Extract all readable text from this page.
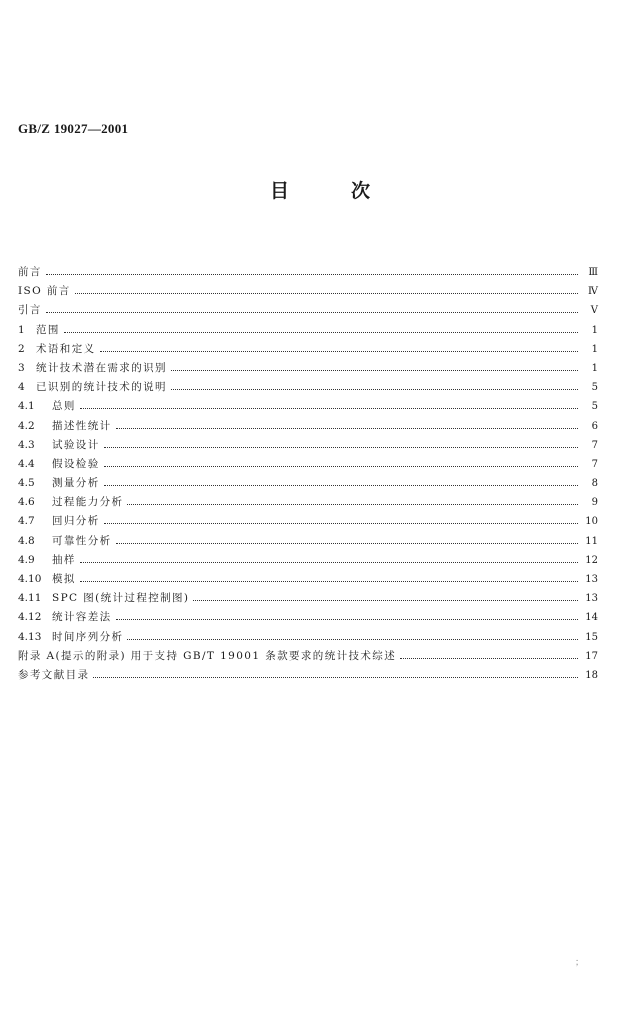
GB/Z 19027—2001
目次
前言	Ⅲ
ISO 前言	Ⅳ
引言	Ⅴ
1	范围	1
2	术语和定义	1
3	统计技术潜在需求的识别	1
4	已识别的统计技术的说明	5
4.1	总则	5
4.2	描述性统计	6
4.3	试验设计	7
4.4	假设检验	7
4.5	测量分析	8
4.6	过程能力分析	9
4.7	回归分析	10
4.8	可靠性分析	11
4.9	抽样	12
4.10	模拟	13
4.11	SPC 图(统计过程控制图)	13
4.12	统计容差法	14
4.13	时间序列分析	15
附录 A(提示的附录) 用于支持 GB/T 19001 条款要求的统计技术综述	17
参考文献目录	18
；
